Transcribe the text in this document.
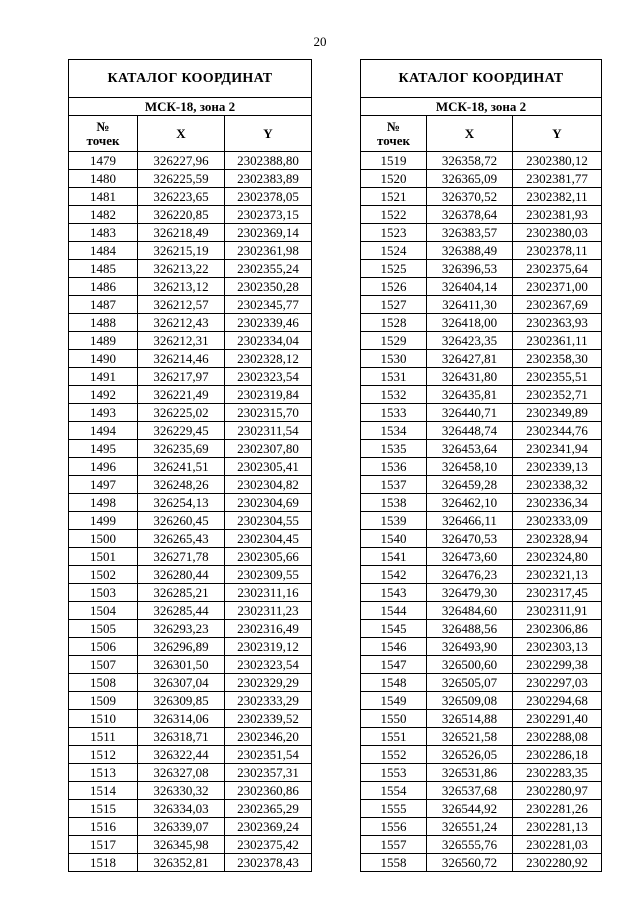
20
КАТАЛОГ КООРДИНАТ		
МСК-18, зона 2		
№
точек	X	Y
1479	326227,96	2302388,80
1480	326225,59	2302383,89
1481	326223,65	2302378,05
1482	326220,85	2302373,15
1483	326218,49	2302369,14
1484	326215,19	2302361,98
1485	326213,22	2302355,24
1486	326213,12	2302350,28
1487	326212,57	2302345,77
1488	326212,43	2302339,46
1489	326212,31	2302334,04
1490	326214,46	2302328,12
1491	326217,97	2302323,54
1492	326221,49	2302319,84
1493	326225,02	2302315,70
1494	326229,45	2302311,54
1495	326235,69	2302307,80
1496	326241,51	2302305,41
1497	326248,26	2302304,82
1498	326254,13	2302304,69
1499	326260,45	2302304,55
1500	326265,43	2302304,45
1501	326271,78	2302305,66
1502	326280,44	2302309,55
1503	326285,21	2302311,16
1504	326285,44	2302311,23
1505	326293,23	2302316,49
1506	326296,89	2302319,12
1507	326301,50	2302323,54
1508	326307,04	2302329,29
1509	326309,85	2302333,29
1510	326314,06	2302339,52
1511	326318,71	2302346,20
1512	326322,44	2302351,54
1513	326327,08	2302357,31
1514	326330,32	2302360,86
1515	326334,03	2302365,29
1516	326339,07	2302369,24
1517	326345,98	2302375,42
1518	326352,81	2302378,43
КАТАЛОГ КООРДИНАТ		
МСК-18, зона 2		
№
точек	X	Y
1519	326358,72	2302380,12
1520	326365,09	2302381,77
1521	326370,52	2302382,11
1522	326378,64	2302381,93
1523	326383,57	2302380,03
1524	326388,49	2302378,11
1525	326396,53	2302375,64
1526	326404,14	2302371,00
1527	326411,30	2302367,69
1528	326418,00	2302363,93
1529	326423,35	2302361,11
1530	326427,81	2302358,30
1531	326431,80	2302355,51
1532	326435,81	2302352,71
1533	326440,71	2302349,89
1534	326448,74	2302344,76
1535	326453,64	2302341,94
1536	326458,10	2302339,13
1537	326459,28	2302338,32
1538	326462,10	2302336,34
1539	326466,11	2302333,09
1540	326470,53	2302328,94
1541	326473,60	2302324,80
1542	326476,23	2302321,13
1543	326479,30	2302317,45
1544	326484,60	2302311,91
1545	326488,56	2302306,86
1546	326493,90	2302303,13
1547	326500,60	2302299,38
1548	326505,07	2302297,03
1549	326509,08	2302294,68
1550	326514,88	2302291,40
1551	326521,58	2302288,08
1552	326526,05	2302286,18
1553	326531,86	2302283,35
1554	326537,68	2302280,97
1555	326544,92	2302281,26
1556	326551,24	2302281,13
1557	326555,76	2302281,03
1558	326560,72	2302280,92
